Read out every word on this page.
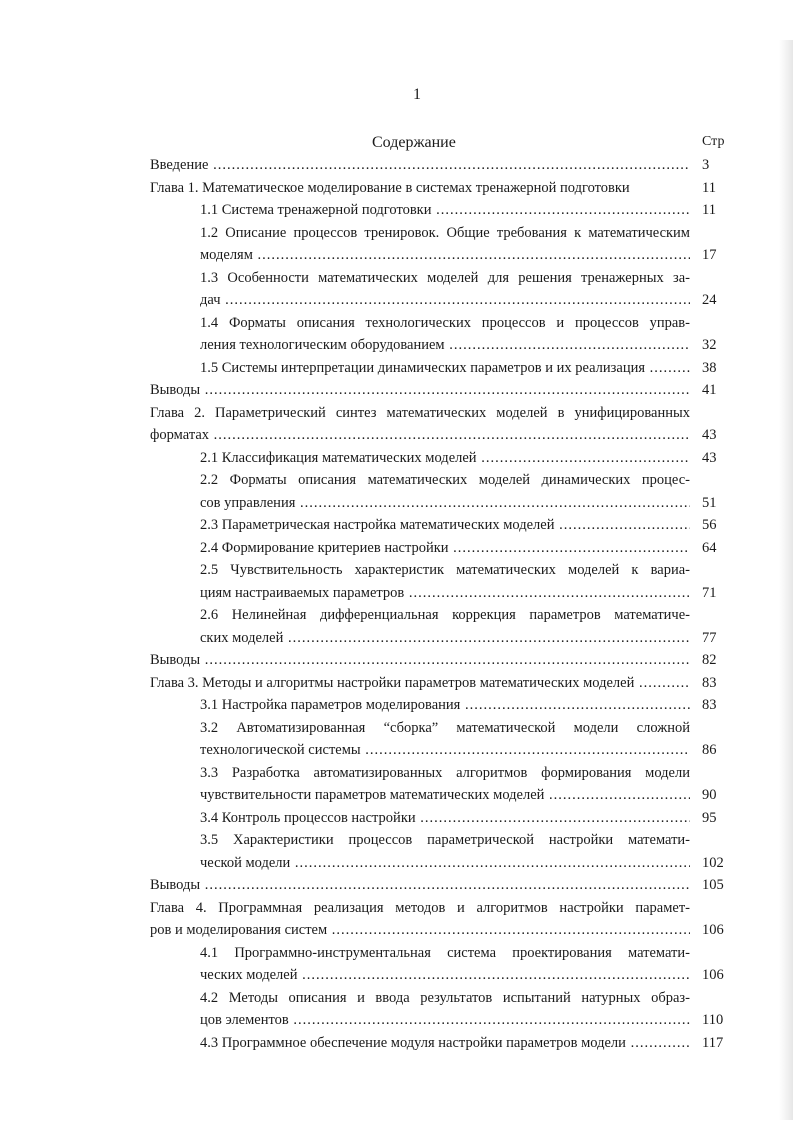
1
Содержание	Стр
Введение .....	3
Глава 1. Математическое моделирование в системах тренажерной подготовки	11
1.1 Система тренажерной подготовки .....	11
1.2 Описание процессов тренировок. Общие требования к математическим
моделям .....	17
1.3 Особенности математических моделей для решения тренажерных за-
дач .....	24
1.4 Форматы описания технологических процессов и процессов управ-
ления технологическим оборудованием .....	32
1.5 Системы интерпретации динамических параметров и их реализация .....	38
Выводы .....	41
Глава 2. Параметрический синтез математических моделей в унифицированных
форматах .....	43
2.1 Классификация математических моделей .....	43
2.2 Форматы описания математических моделей динамических процес-
сов управления .....	51
2.3 Параметрическая настройка математических моделей .....	56
2.4 Формирование критериев настройки .....	64
2.5 Чувствительность характеристик математических моделей к вариа-
циям настраиваемых параметров .....	71
2.6 Нелинейная дифференциальная коррекция параметров математиче-
ских моделей .....	77
Выводы .....	82
Глава 3. Методы и алгоритмы настройки параметров математических моделей .....	83
3.1 Настройка параметров моделирования .....	83
3.2 Автоматизированная “сборка” математической модели сложной
технологической системы .....	86
3.3 Разработка автоматизированных алгоритмов формирования модели
чувствительности параметров математических моделей .....	90
3.4 Контроль процессов настройки .....	95
3.5 Характеристики процессов параметрической настройки математи-
ческой модели .....	102
Выводы .....	105
Глава 4. Программная реализация методов и алгоритмов настройки парамет-
ров и моделирования систем .....	106
4.1 Программно-инструментальная система проектирования математи-
ческих моделей .....	106
4.2 Методы описания и ввода результатов испытаний натурных образ-
цов элементов .....	110
4.3 Программное обеспечение модуля настройки параметров модели .....	117
